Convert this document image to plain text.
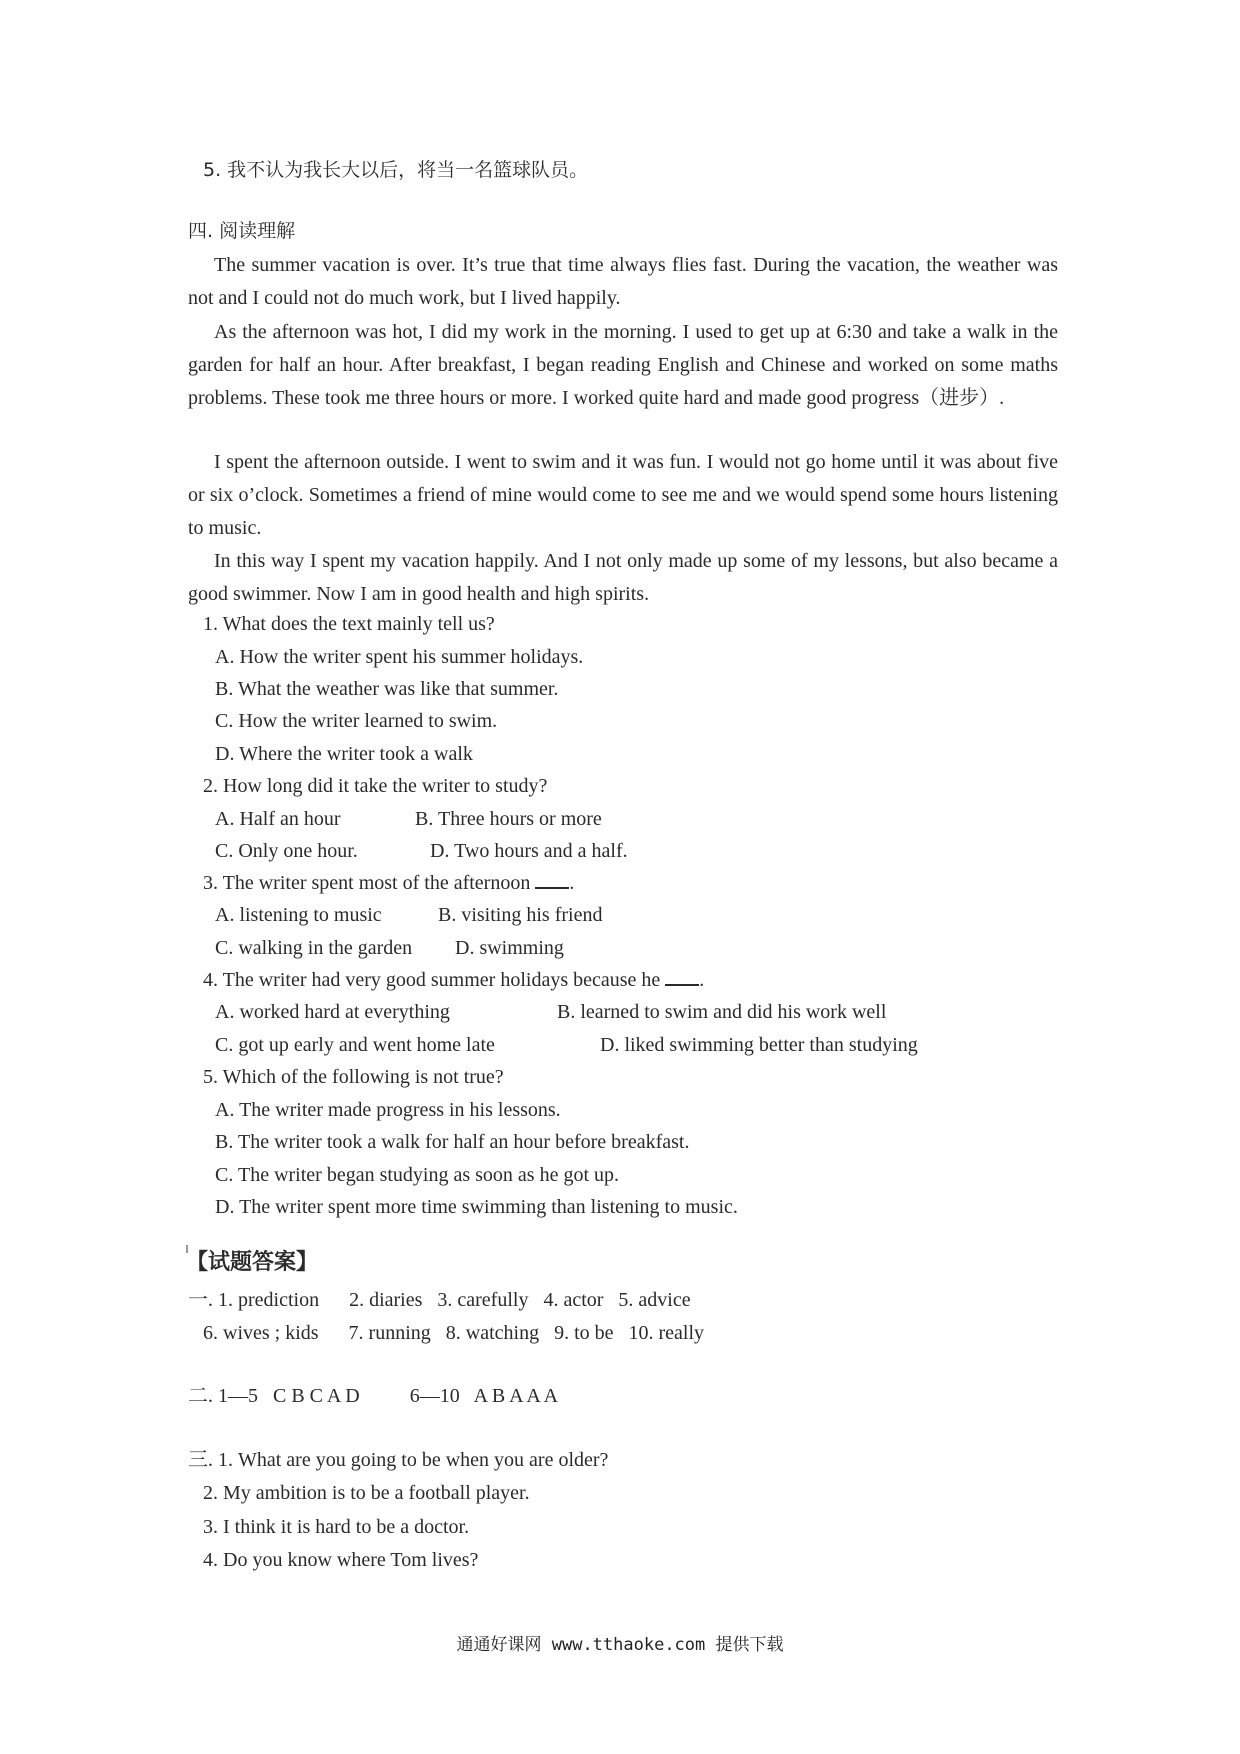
5. 我不认为我长大以后，将当一名篮球队员。
四. 阅读理解

The summer vacation is over. It’s true that time always flies fast. During the vacation, the weather was not and I could not do much work, but I lived happily.

As the afternoon was hot, I did my work in the morning. I used to get up at 6:30 and take a walk in the garden for half an hour. After breakfast, I began reading English and Chinese and worked on some maths problems. These took me three hours or more. I worked quite hard and made good progress（进步）.

I spent the afternoon outside. I went to swim and it was fun. I would not go home until it was about five or six o’clock. Sometimes a friend of mine would come to see me and we would spend some hours listening to music.

In this way I spent my vacation happily. And I not only made up some of my lessons, but also became a good swimmer. Now I am in good health and high spirits.

1. What does the text mainly tell us?
A. How the writer spent his summer holidays.
B. What the weather was like that summer.
C. How the writer learned to swim.
D. Where the writer took a walk
2. How long did it take the writer to study?
A. Half an hour	B. Three hours or more
C. Only one hour.	D. Two hours and a half.
3. The writer spent most of the afternoon .
A. listening to music	B. visiting his friend
C. walking in the garden D. swimming
4. The writer had very good summer holidays because he .
A. worked hard at everything	B. learned to swim and did his work well
C. got up early and went home late	D. liked swimming better than studying
5. Which of the following is not true?
A. The writer made progress in his lessons.
B. The writer took a walk for half an hour before breakfast.
C. The writer began studying as soon as he got up.
D. The writer spent more time swimming than listening to music.
【试题答案】
一. 1. prediction      2. diaries   3. carefully   4. actor   5. advice
6. wives ; kids      7. running   8. watching   9. to be   10. really
二. 1—5   C B C A D          6—10   A B A A A
三. 1. What are you going to be when you are older?
2. My ambition is to be a football player.
3. I think it is hard to be a doctor.
4. Do you know where Tom lives?
通通好课网 www.tthaoke.com 提供下载
